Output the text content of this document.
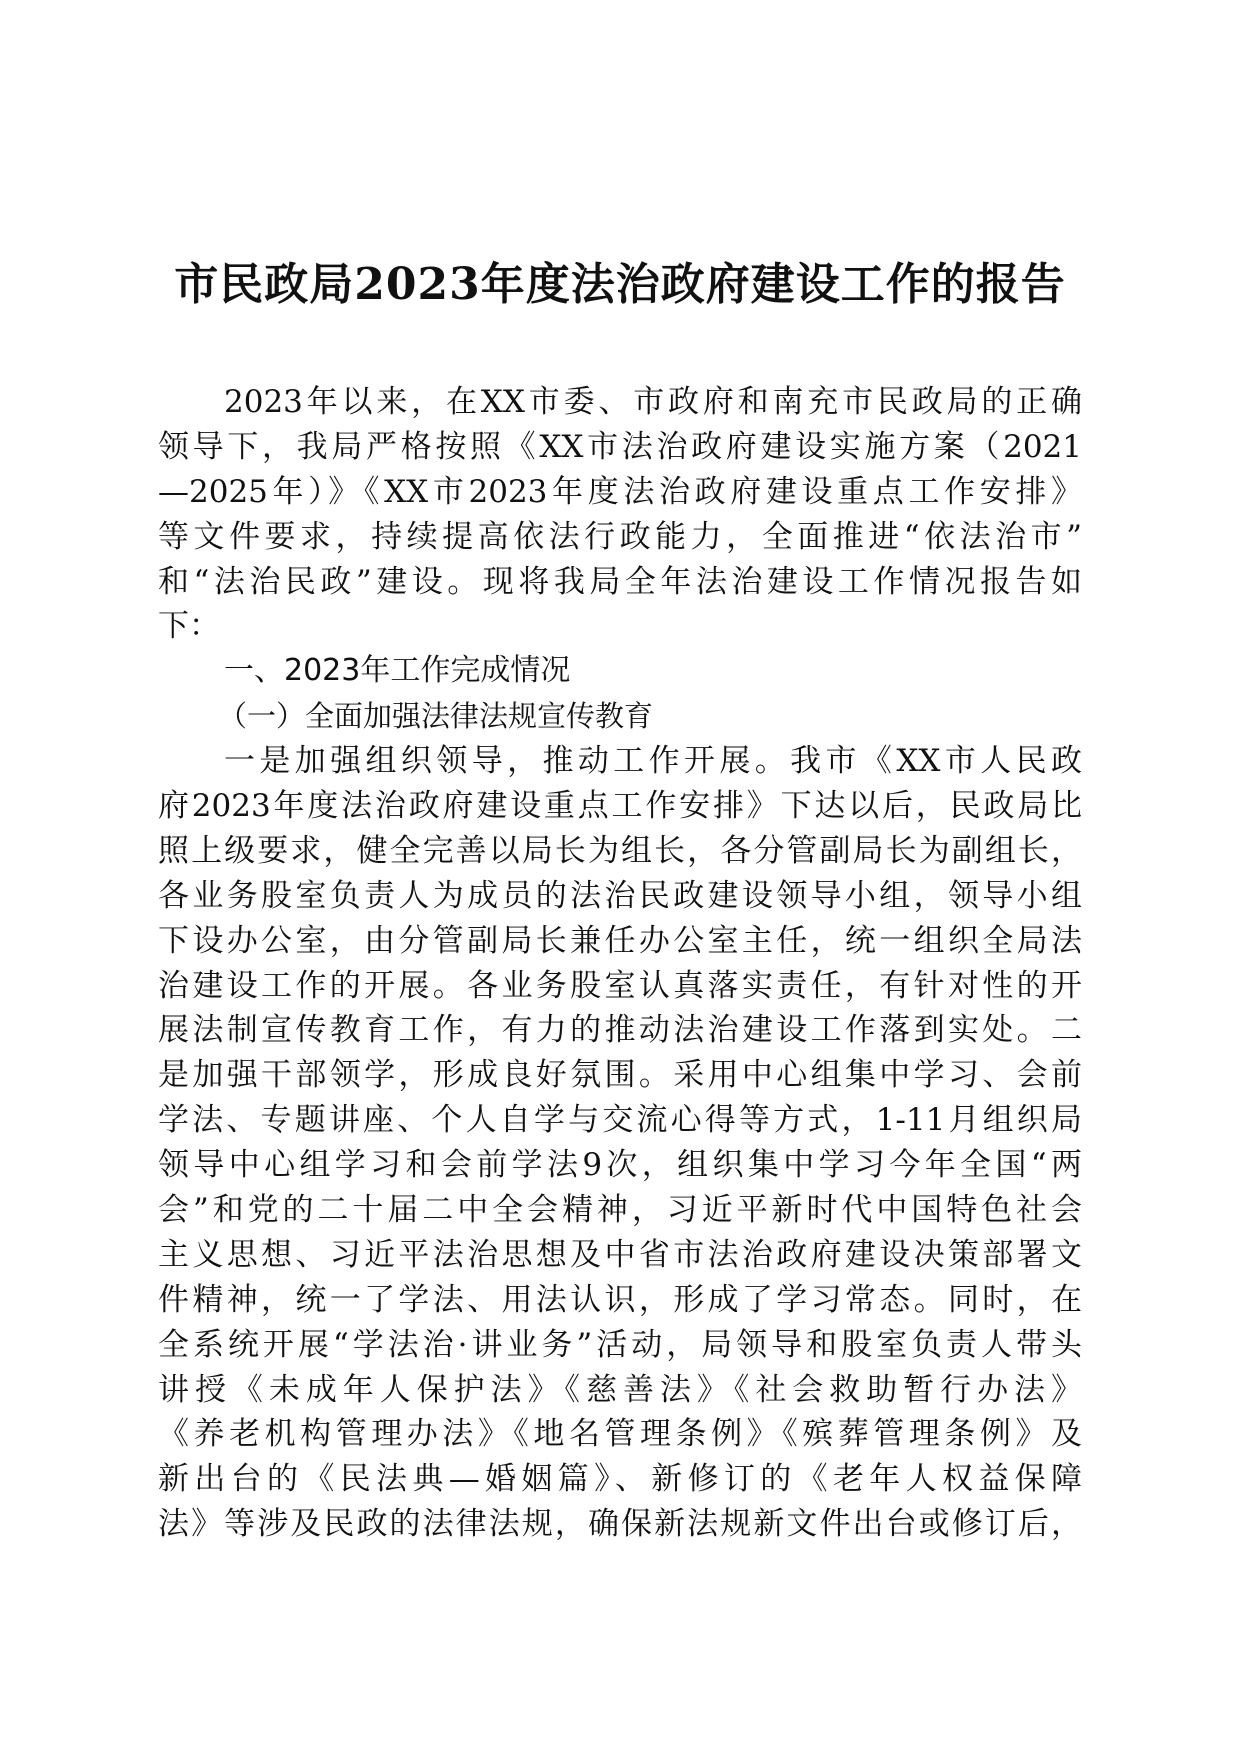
市民政局2023年度法治政府建设工作的报告
2023年以来，在XX市委、市政府和南充市民政局的正确
领导下，我局严格按照《XX市法治政府建设实施方案（2021
—2025年）》《XX市2023年度法治政府建设重点工作安排》
等文件要求，持续提高依法行政能力，全面推进“依法治市”
和“法治民政”建设。现将我局全年法治建设工作情况报告如
下：
一、2023年工作完成情况
（一）全面加强法律法规宣传教育
一是加强组织领导，推动工作开展。我市《XX市人民政
府2023年度法治政府建设重点工作安排》下达以后，民政局比
照上级要求，健全完善以局长为组长，各分管副局长为副组长，
各业务股室负责人为成员的法治民政建设领导小组，领导小组
下设办公室，由分管副局长兼任办公室主任，统一组织全局法
治建设工作的开展。各业务股室认真落实责任，有针对性的开
展法制宣传教育工作，有力的推动法治建设工作落到实处。二
是加强干部领学，形成良好氛围。采用中心组集中学习、会前
学法、专题讲座、个人自学与交流心得等方式，1-11月组织局
领导中心组学习和会前学法9次，组织集中学习今年全国“两
会”和党的二十届二中全会精神，习近平新时代中国特色社会
主义思想、习近平法治思想及中省市法治政府建设决策部署文
件精神，统一了学法、用法认识，形成了学习常态。同时，在
全系统开展“学法治·讲业务”活动，局领导和股室负责人带头
讲授《未成年人保护法》《慈善法》《社会救助暂行办法》
《养老机构管理办法》《地名管理条例》《殡葬管理条例》及
新出台的《民法典—婚姻篇》、新修订的《老年人权益保障
法》等涉及民政的法律法规，确保新法规新文件出台或修订后，
